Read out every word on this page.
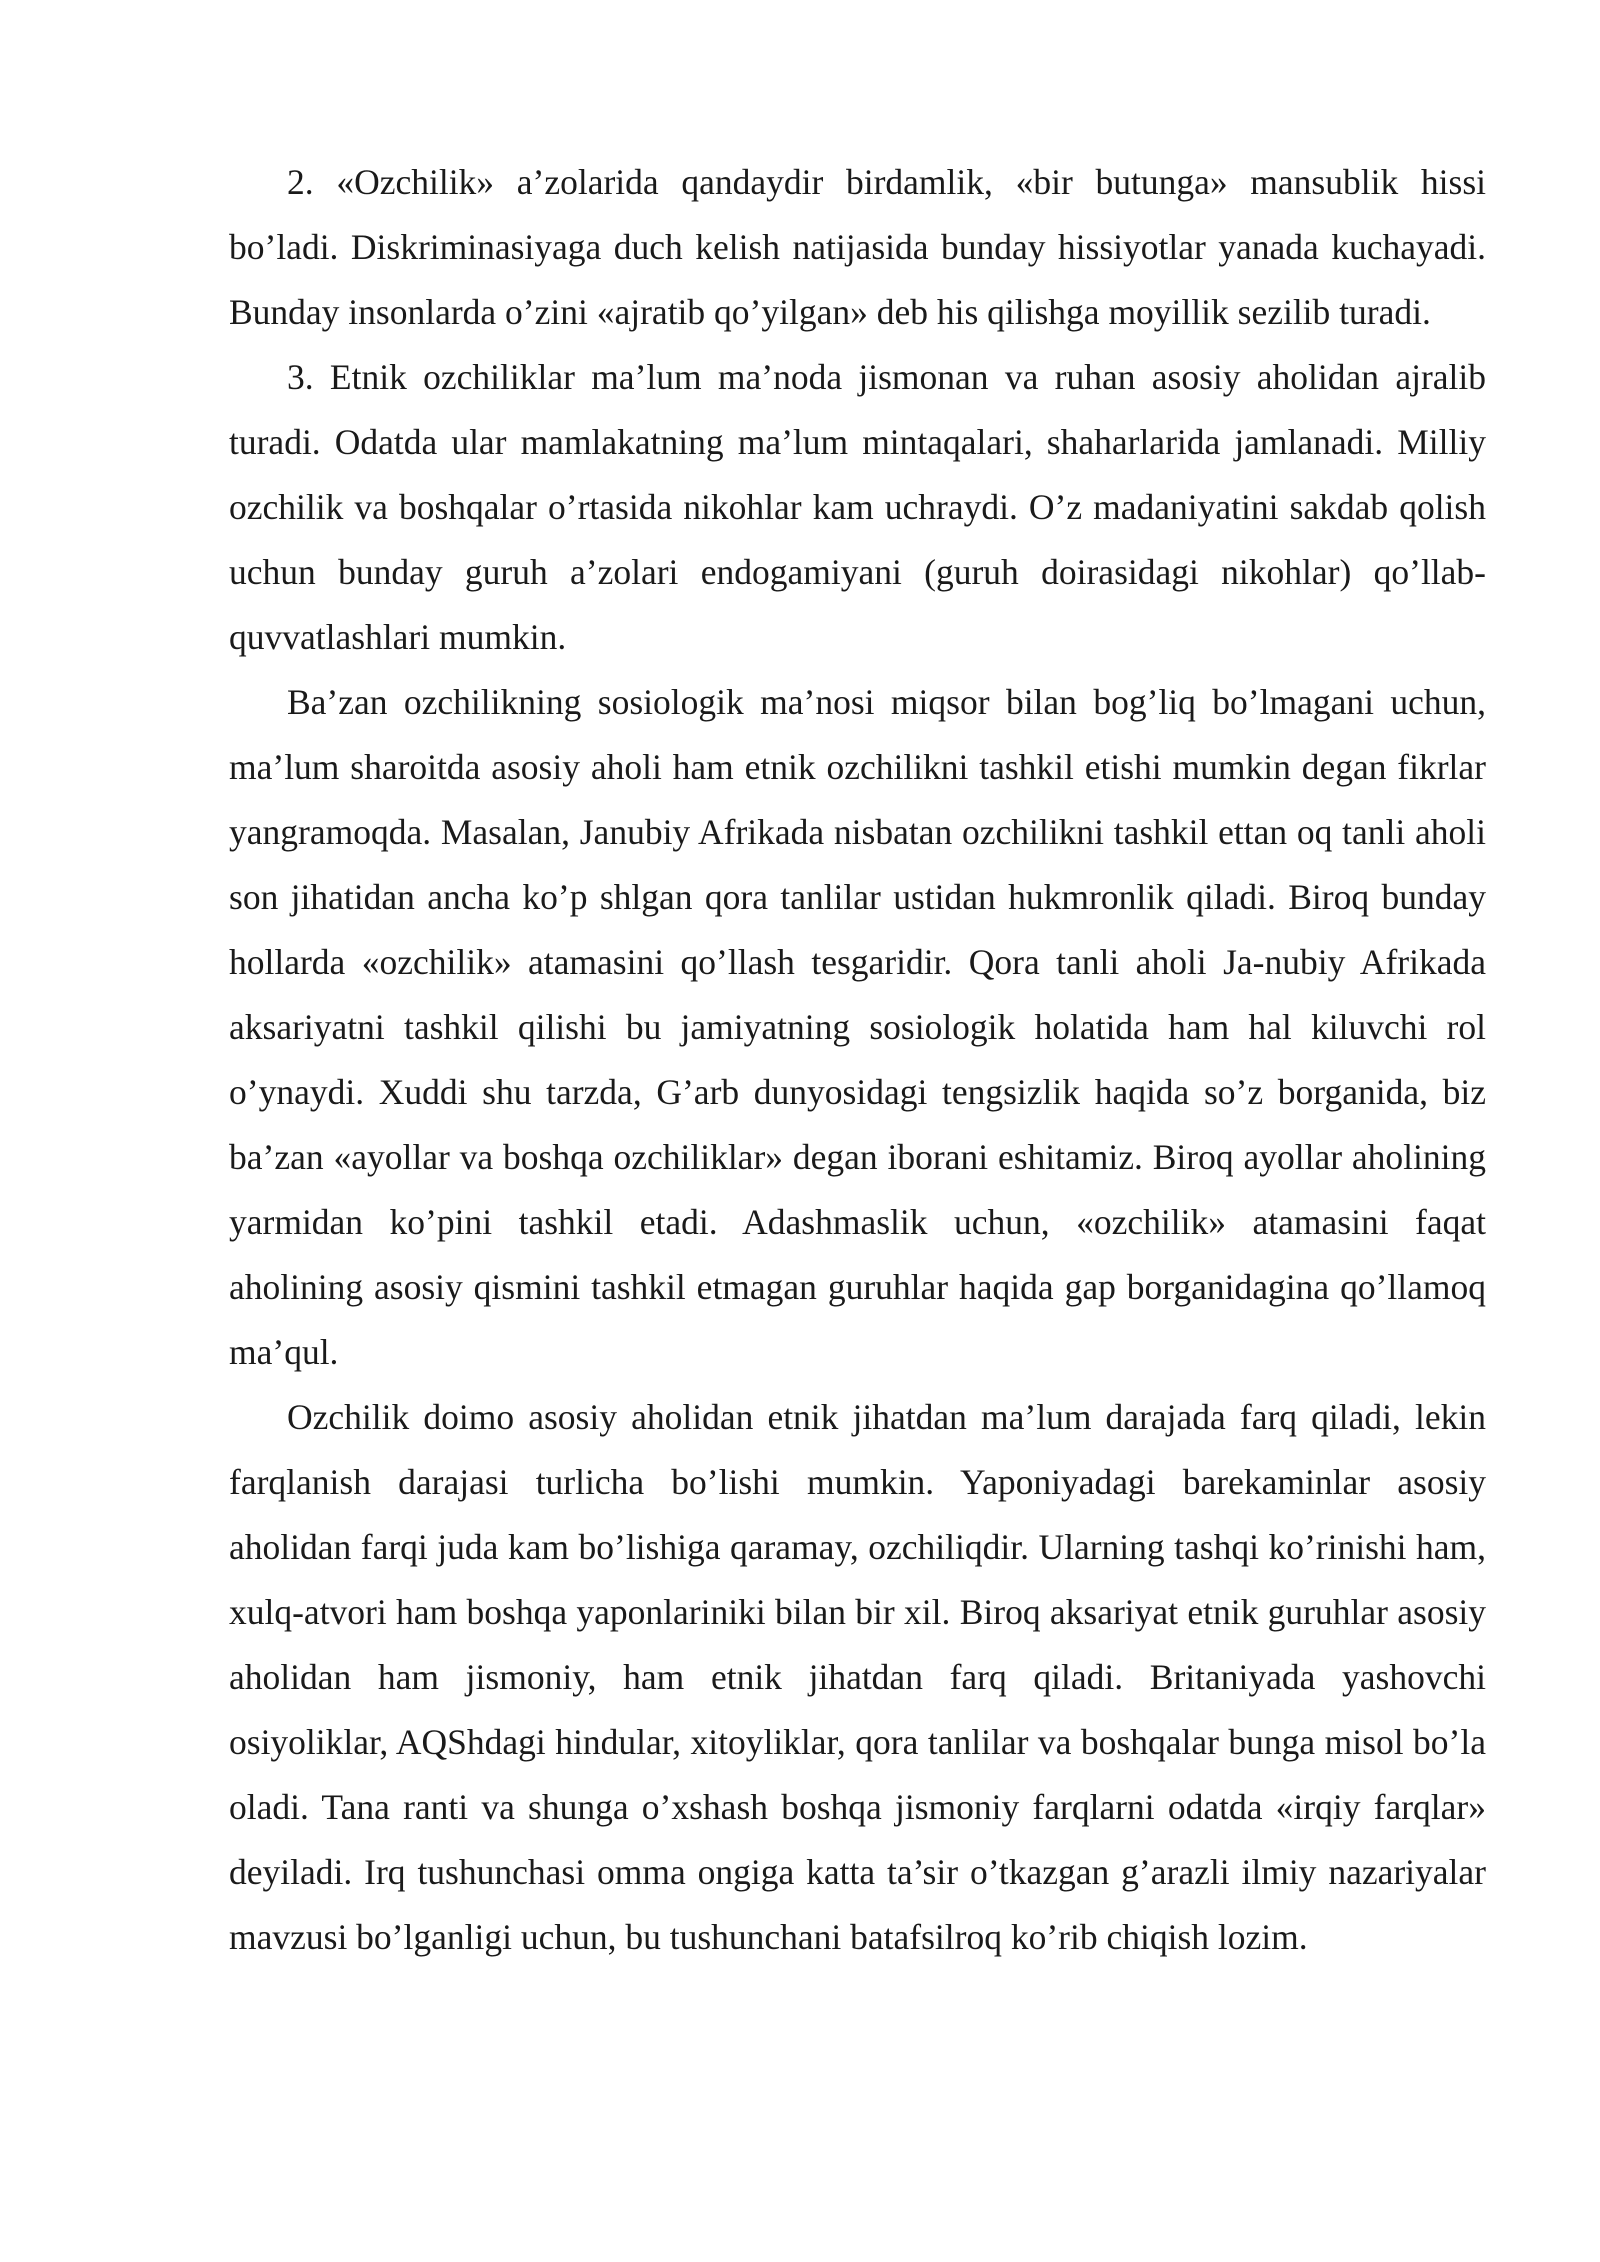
2. «Ozchilik» a’zolarida qandaydir birdamlik, «bir butunga» mansublik hissi bo’ladi. Diskriminasiyaga duch kelish natijasida bunday hissiyotlar yanada kuchayadi. Bunday insonlarda o’zini «ajratib qo’yilgan» deb his qilishga moyillik sezilib turadi.

3. Etnik ozchiliklar ma’lum ma’noda jismonan va ruhan asosiy aholidan ajralib turadi. Odatda ular mamlakatning ma’lum mintaqalari, shaharlarida jamlanadi. Milliy ozchilik va boshqalar o’rtasida nikohlar kam uchraydi. O’z madaniyatini sakdab qolish uchun bunday guruh a’zolari endogamiyani (guruh doirasidagi nikohlar) qo’llab-quvvatlashlari mumkin.

Ba’zan ozchilikning sosiologik ma’nosi miqsor bilan bog’liq bo’lmagani uchun, ma’lum sharoitda asosiy aholi ham etnik ozchilikni tashkil etishi mumkin degan fikrlar yangramoqda. Masalan, Janubiy Afrikada nisbatan ozchilikni tashkil ettan oq tanli aholi son jihatidan ancha ko’p shlgan qora tanlilar ustidan hukmronlik qiladi. Biroq bunday hollarda «ozchilik» atamasini qo’llash tesgaridir. Qora tanli aholi Ja-nubiy Afrikada aksariyatni tashkil qilishi bu jamiyatning sosiologik holatida ham hal kiluvchi rol o’ynaydi. Xuddi shu tarzda, G’arb dunyosidagi tengsizlik haqida so’z borganida, biz ba’zan «ayollar va boshqa ozchiliklar» degan iborani eshitamiz. Biroq ayollar aholining yarmidan ko’pini tashkil etadi. Adashmaslik uchun, «ozchilik» atamasini faqat aholining asosiy qismini tashkil etmagan guruhlar haqida gap borganidagina qo’llamoq ma’qul.

Ozchilik doimo asosiy aholidan etnik jihatdan ma’lum darajada farq qiladi, lekin farqlanish darajasi turlicha bo’lishi mumkin. Yaponiyadagi barekaminlar asosiy aholidan farqi juda kam bo’lishiga qaramay, ozchiliqdir. Ularning tashqi ko’rinishi ham, xulq-atvori ham boshqa yaponlariniki bilan bir xil. Biroq aksariyat etnik guruhlar asosiy aholidan ham jismoniy, ham etnik jihatdan farq qiladi. Britaniyada yashovchi osiyoliklar, AQShdagi hindular, xitoyliklar, qora tanlilar va boshqalar bunga misol bo’la oladi. Tana ranti va shunga o’xshash boshqa jismoniy farqlarni odatda «irqiy farqlar» deyiladi. Irq tushunchasi omma ongiga katta ta’sir o’tkazgan g’arazli ilmiy nazariyalar mavzusi bo’lganligi uchun, bu tushunchani batafsilroq ko’rib chiqish lozim.
